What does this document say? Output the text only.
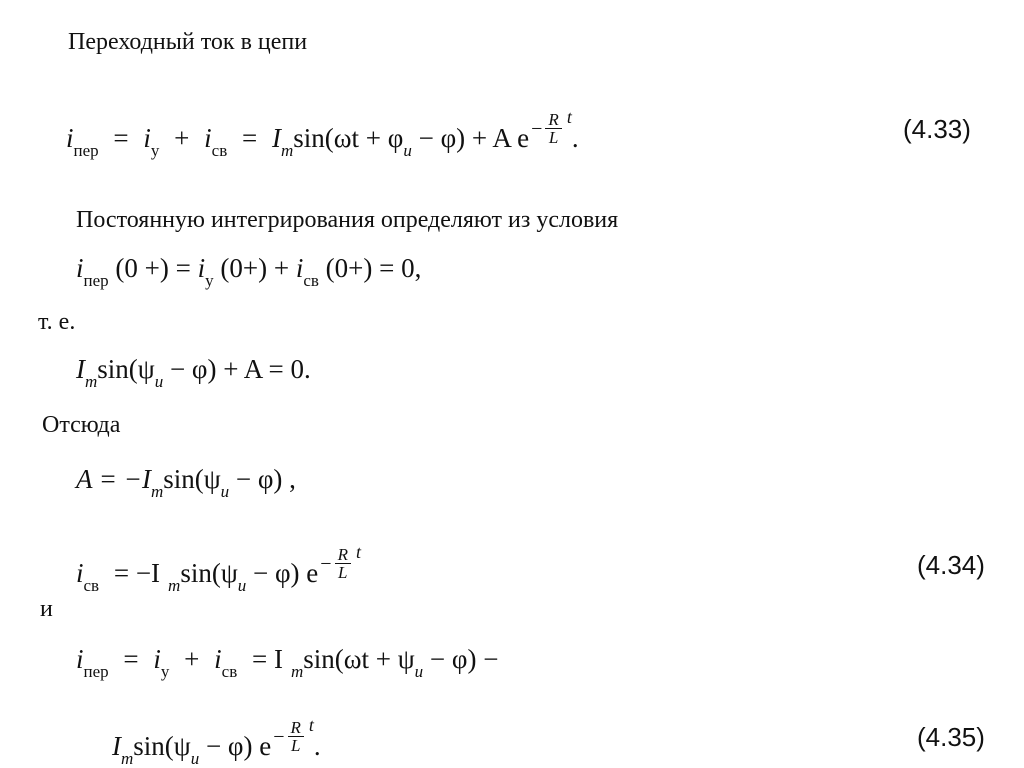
Переходный ток в цепи
$i_{пер} = i_у + i_{св} = I_m\sin(\omega t + \varphi_u - \varphi) + A$ $e - \frac{R}{L} t$.	(4.33)
Постоянную интегрирования определяют из условия
$i_{пер}$ (0 +) = $i_у$ $(0+) + i_{св}$ (0+) = 0,
т. е.
$I_m\sin(\psi_u - \varphi) + A = 0$.
Отсюда
$A = -I_m\sin(\psi_u - \varphi)$ ,
$i_{св} = -I$ $_m\sin(\psi_u - \varphi) e - \frac{R}{L}$ t	(4.34)
и
$i_{пер} = i_у + i_{св} = I$ $_m\sin(\omega t + \psi_u - \varphi)$ −
$I_m\sin(\psi_u - \varphi) e - \frac{R}{L} t$.	(4.35)
